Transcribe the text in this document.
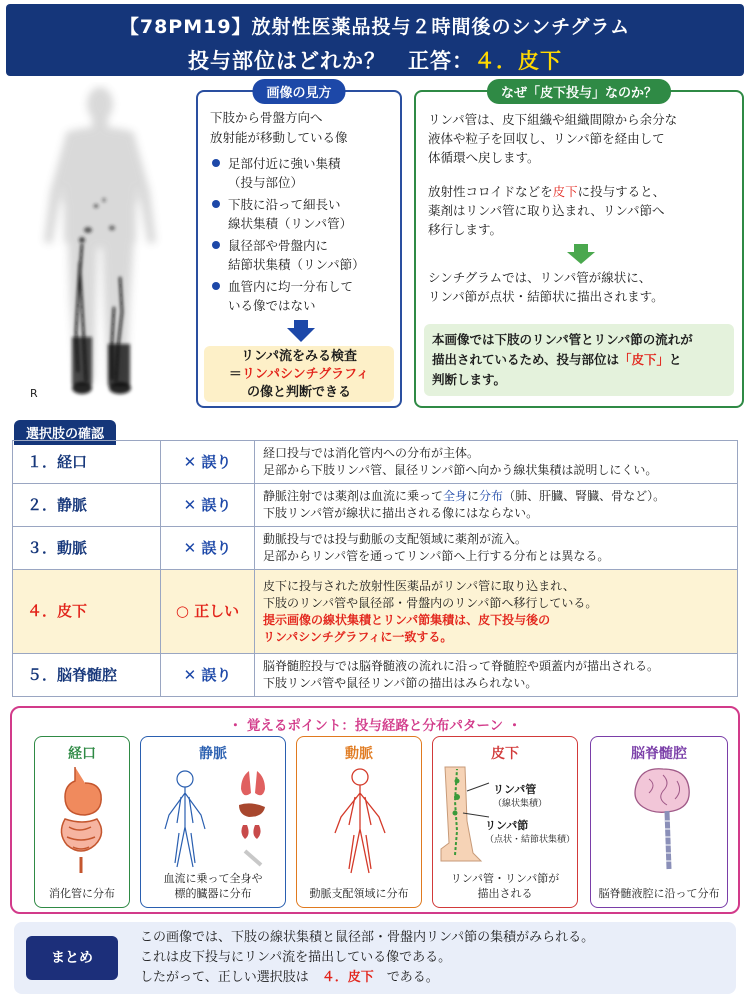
【78PM19】放射性医薬品投与２時間後のシンチグラム
投与部位はどれか？　正答：４．皮下
R
画像の見方
下肢から骨盤方向へ
放射能が移動している像
足部付近に強い集積
（投与部位）
下肢に沿って細長い
線状集積（リンパ管）
鼠径部や骨盤内に
結節状集積（リンパ節）
血管内に均一分布して
いる像ではない
リンパ流をみる検査
＝リンパシンチグラフィ
の像と判断できる
なぜ「皮下投与」なのか？

リンパ管は、皮下組織や組織間隙から余分な
液体や粒子を回収し、リンパ節を経由して
体循環へ戻します。

放射性コロイドなどを皮下に投与すると、
薬剤はリンパ管に取り込まれ、リンパ節へ
移行します。

シンチグラムでは、リンパ管が線状に、
リンパ節が点状・結節状に描出されます。

本画像では下肢のリンパ管とリンパ節の流れが
描出されているため、投与部位は「皮下」と
判断します。
選択肢の確認
１．経口	✕ 誤り	経口投与では消化管内への分布が主体。
足部から下肢リンパ管、鼠径リンパ節へ向かう線状集積は説明しにくい。

２．静脈	✕ 誤り	静脈注射では薬剤は血流に乗って全身に分布（肺、肝臓、腎臓、骨など）。
下肢リンパ管が線状に描出される像にはならない。

３．動脈	✕ 誤り	動脈投与では投与動脈の支配領域に薬剤が流入。
足部からリンパ管を通ってリンパ節へ上行する分布とは異なる。

４．皮下	○ 正しい	皮下に投与された放射性医薬品がリンパ管に取り込まれ、
下肢のリンパ管や鼠径部・骨盤内のリンパ節へ移行している。
提示画像の線状集積とリンパ節集積は、皮下投与後の
リンパシンチグラフィに一致する。

５．脳脊髄腔	✕ 誤り	脳脊髄腔投与では脳脊髄液の流れに沿って脊髄腔や頭蓋内が描出される。
下肢リンパ管や鼠径リンパ節の描出はみられない。
・ 覚えるポイント：投与経路と分布パターン ・
経口
消化管に分布
静脈
血流に乗って全身や
標的臓器に分布
動脈
動脈支配領域に分布
皮下
リンパ管
（線状集積）
リンパ節
（点状・結節状集積）
リンパ管・リンパ節が
描出される
脳脊髄腔
脳脊髄液腔に沿って分布
まとめ
この画像では、下肢の線状集積と鼠径部・骨盤内リンパ節の集積がみられる。
これは皮下投与にリンパ流を描出している像である。
したがって、正しい選択肢は　４．皮下　である。
